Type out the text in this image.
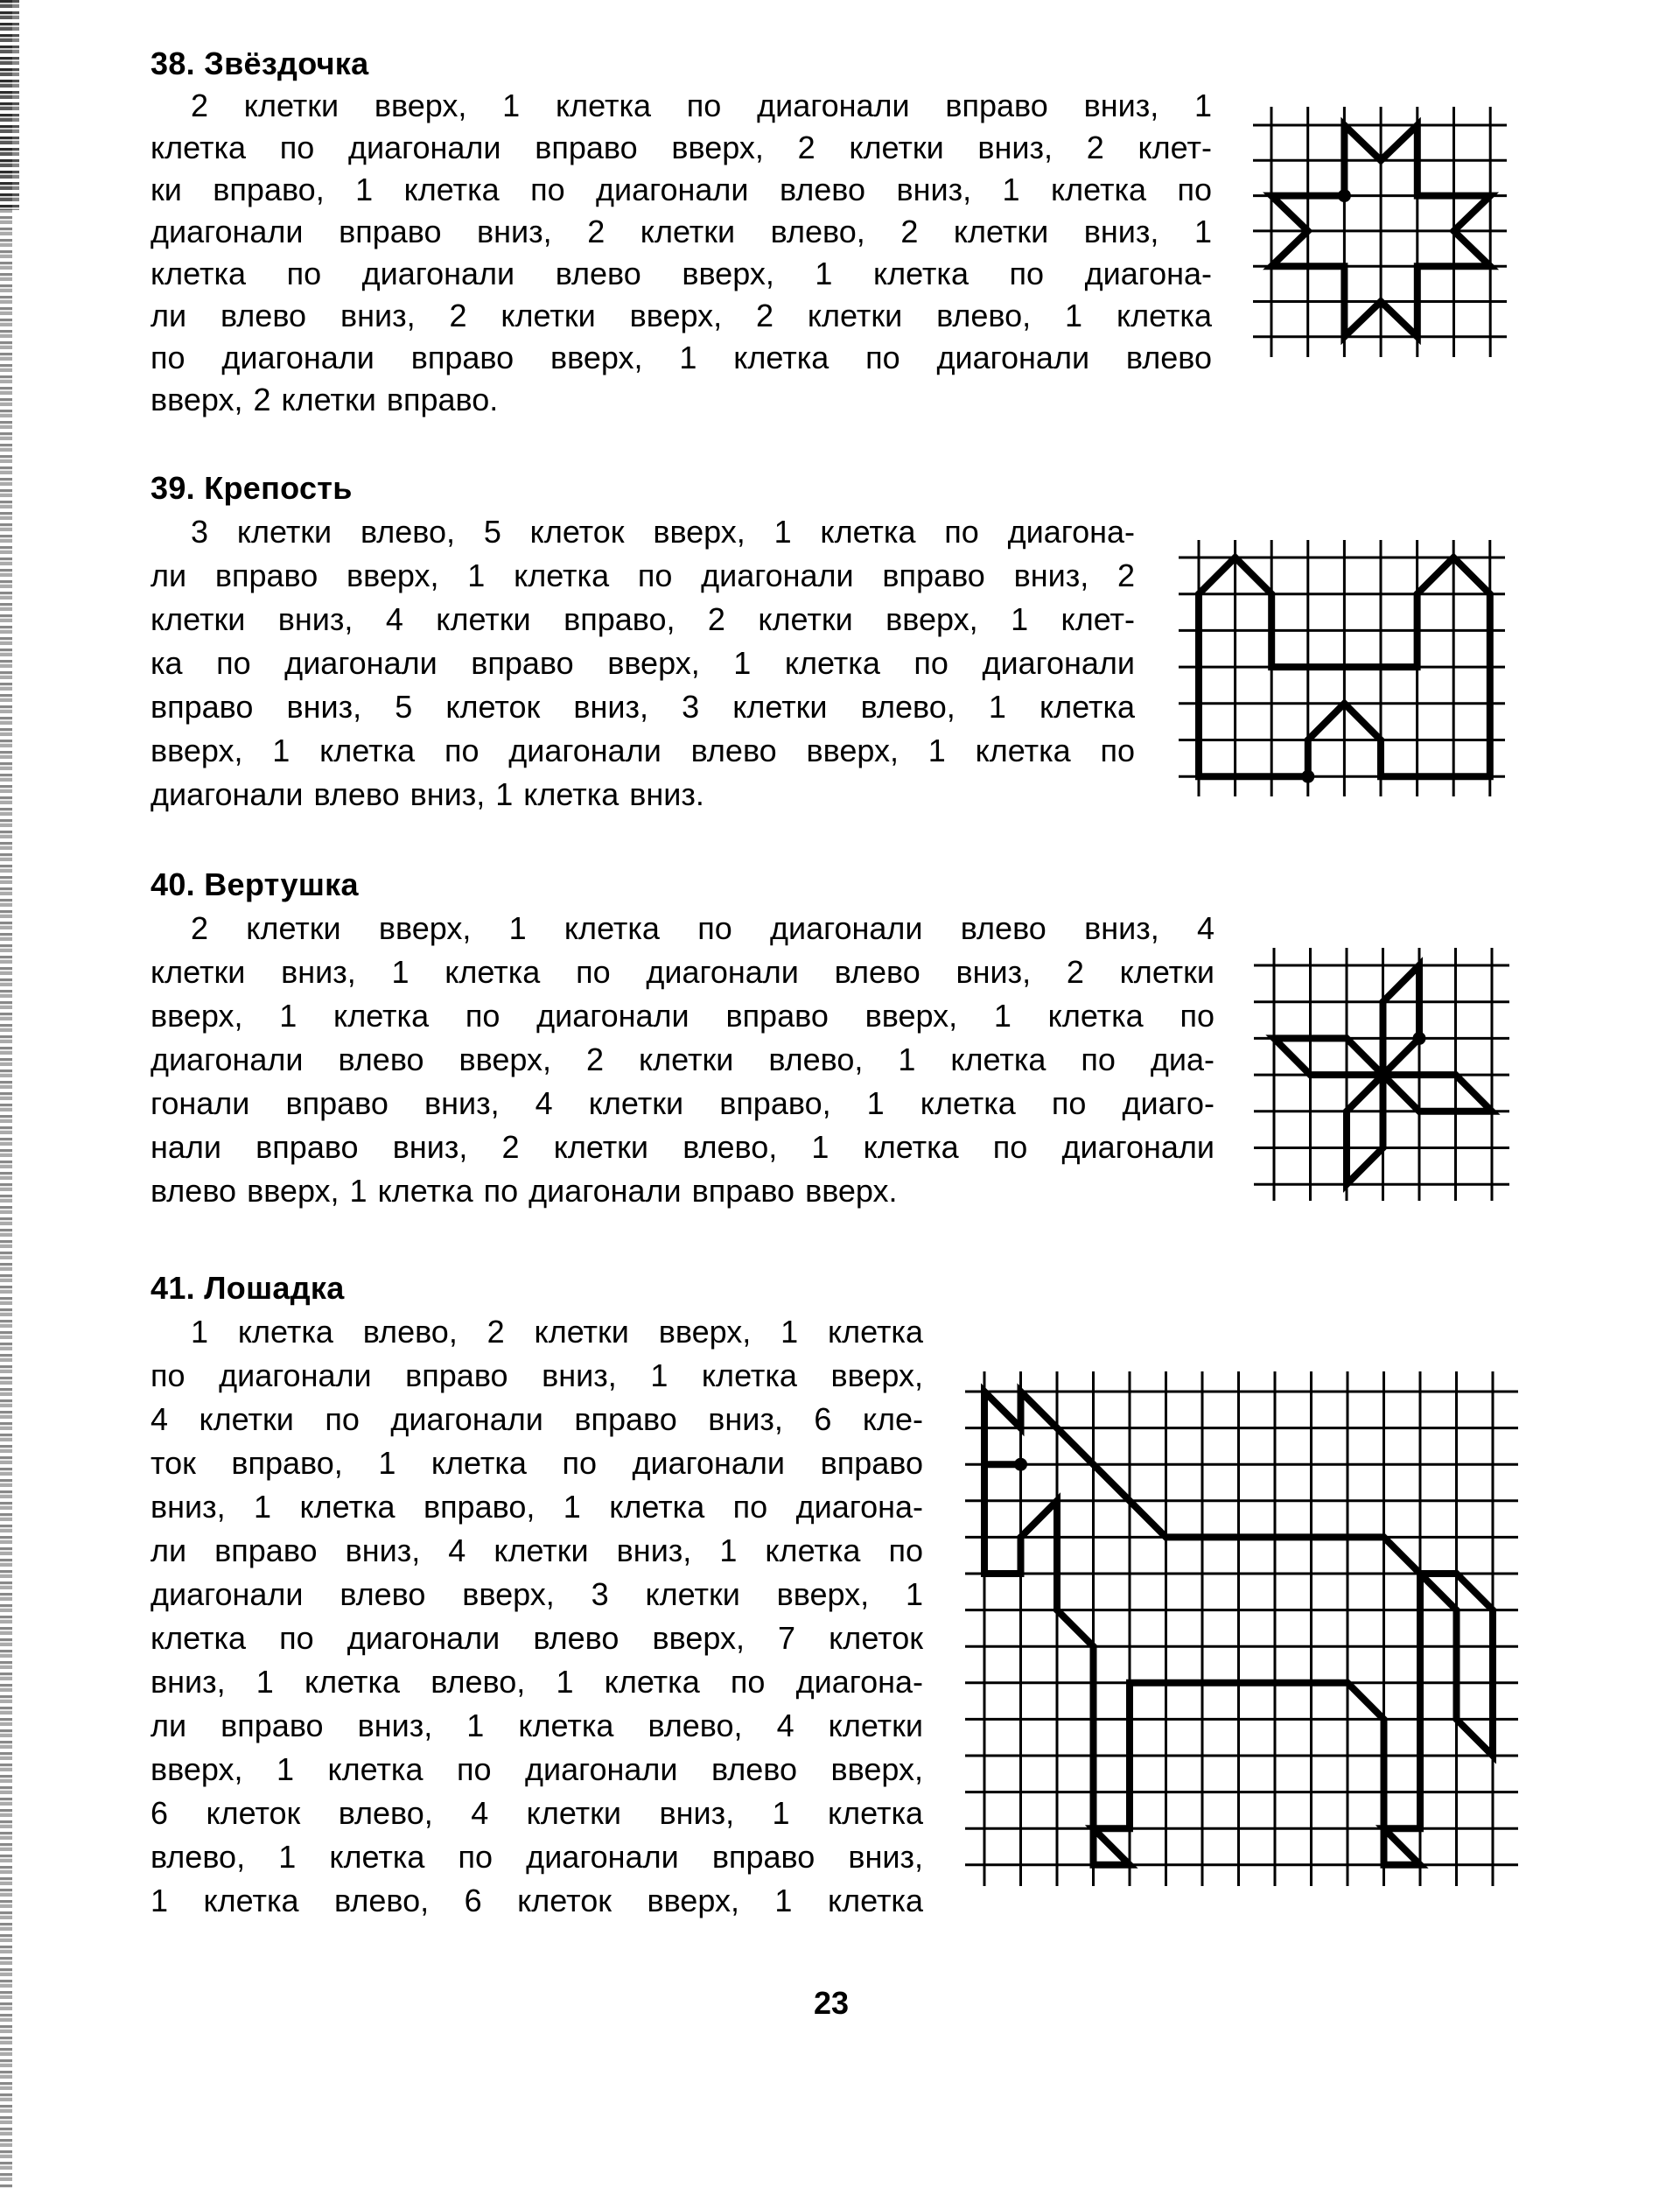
38. Звёздочка
2 клетки вверх, 1 клетка по диагонали вправо вниз, 1
клетка по диагонали вправо вверх, 2 клетки вниз, 2 клет-
ки вправо, 1 клетка по диагонали влево вниз, 1 клетка по
диагонали вправо вниз, 2 клетки влево, 2 клетки вниз, 1
клетка по диагонали влево вверх, 1 клетка по диагона-
ли влево вниз, 2 клетки вверх, 2 клетки влево, 1 клетка
по диагонали вправо вверх, 1 клетка по диагонали влево
вверх, 2 клетки вправо.
39. Крепость
3 клетки влево, 5 клеток вверх, 1 клетка по диагона-
ли вправо вверх, 1 клетка по диагонали вправо вниз, 2
клетки вниз, 4 клетки вправо, 2 клетки вверх, 1 клет-
ка по диагонали вправо вверх, 1 клетка по диагонали
вправо вниз, 5 клеток вниз, 3 клетки влево, 1 клетка
вверх, 1 клетка по диагонали влево вверх, 1 клетка по
диагонали влево вниз, 1 клетка вниз.
40. Вертушка
2 клетки вверх, 1 клетка по диагонали влево вниз, 4
клетки вниз, 1 клетка по диагонали влево вниз, 2 клетки
вверх, 1 клетка по диагонали вправо вверх, 1 клетка по
диагонали влево вверх, 2 клетки влево, 1 клетка по диа-
гонали вправо вниз, 4 клетки вправо, 1 клетка по диаго-
нали вправо вниз, 2 клетки влево, 1 клетка по диагонали
влево вверх, 1 клетка по диагонали вправо вверх.
41. Лошадка
1 клетка влево, 2 клетки вверх, 1 клетка
по диагонали вправо вниз, 1 клетка вверх,
4 клетки по диагонали вправо вниз, 6 кле-
ток вправо, 1 клетка по диагонали вправо
вниз, 1 клетка вправо, 1 клетка по диагона-
ли вправо вниз, 4 клетки вниз, 1 клетка по
диагонали влево вверх, 3 клетки вверх, 1
клетка по диагонали влево вверх, 7 клеток
вниз, 1 клетка влево, 1 клетка по диагона-
ли вправо вниз, 1 клетка влево, 4 клетки
вверх, 1 клетка по диагонали влево вверх,
6 клеток влево, 4 клетки вниз, 1 клетка
влево, 1 клетка по диагонали вправо вниз,
1 клетка влево, 6 клеток вверх, 1 клетка
23
